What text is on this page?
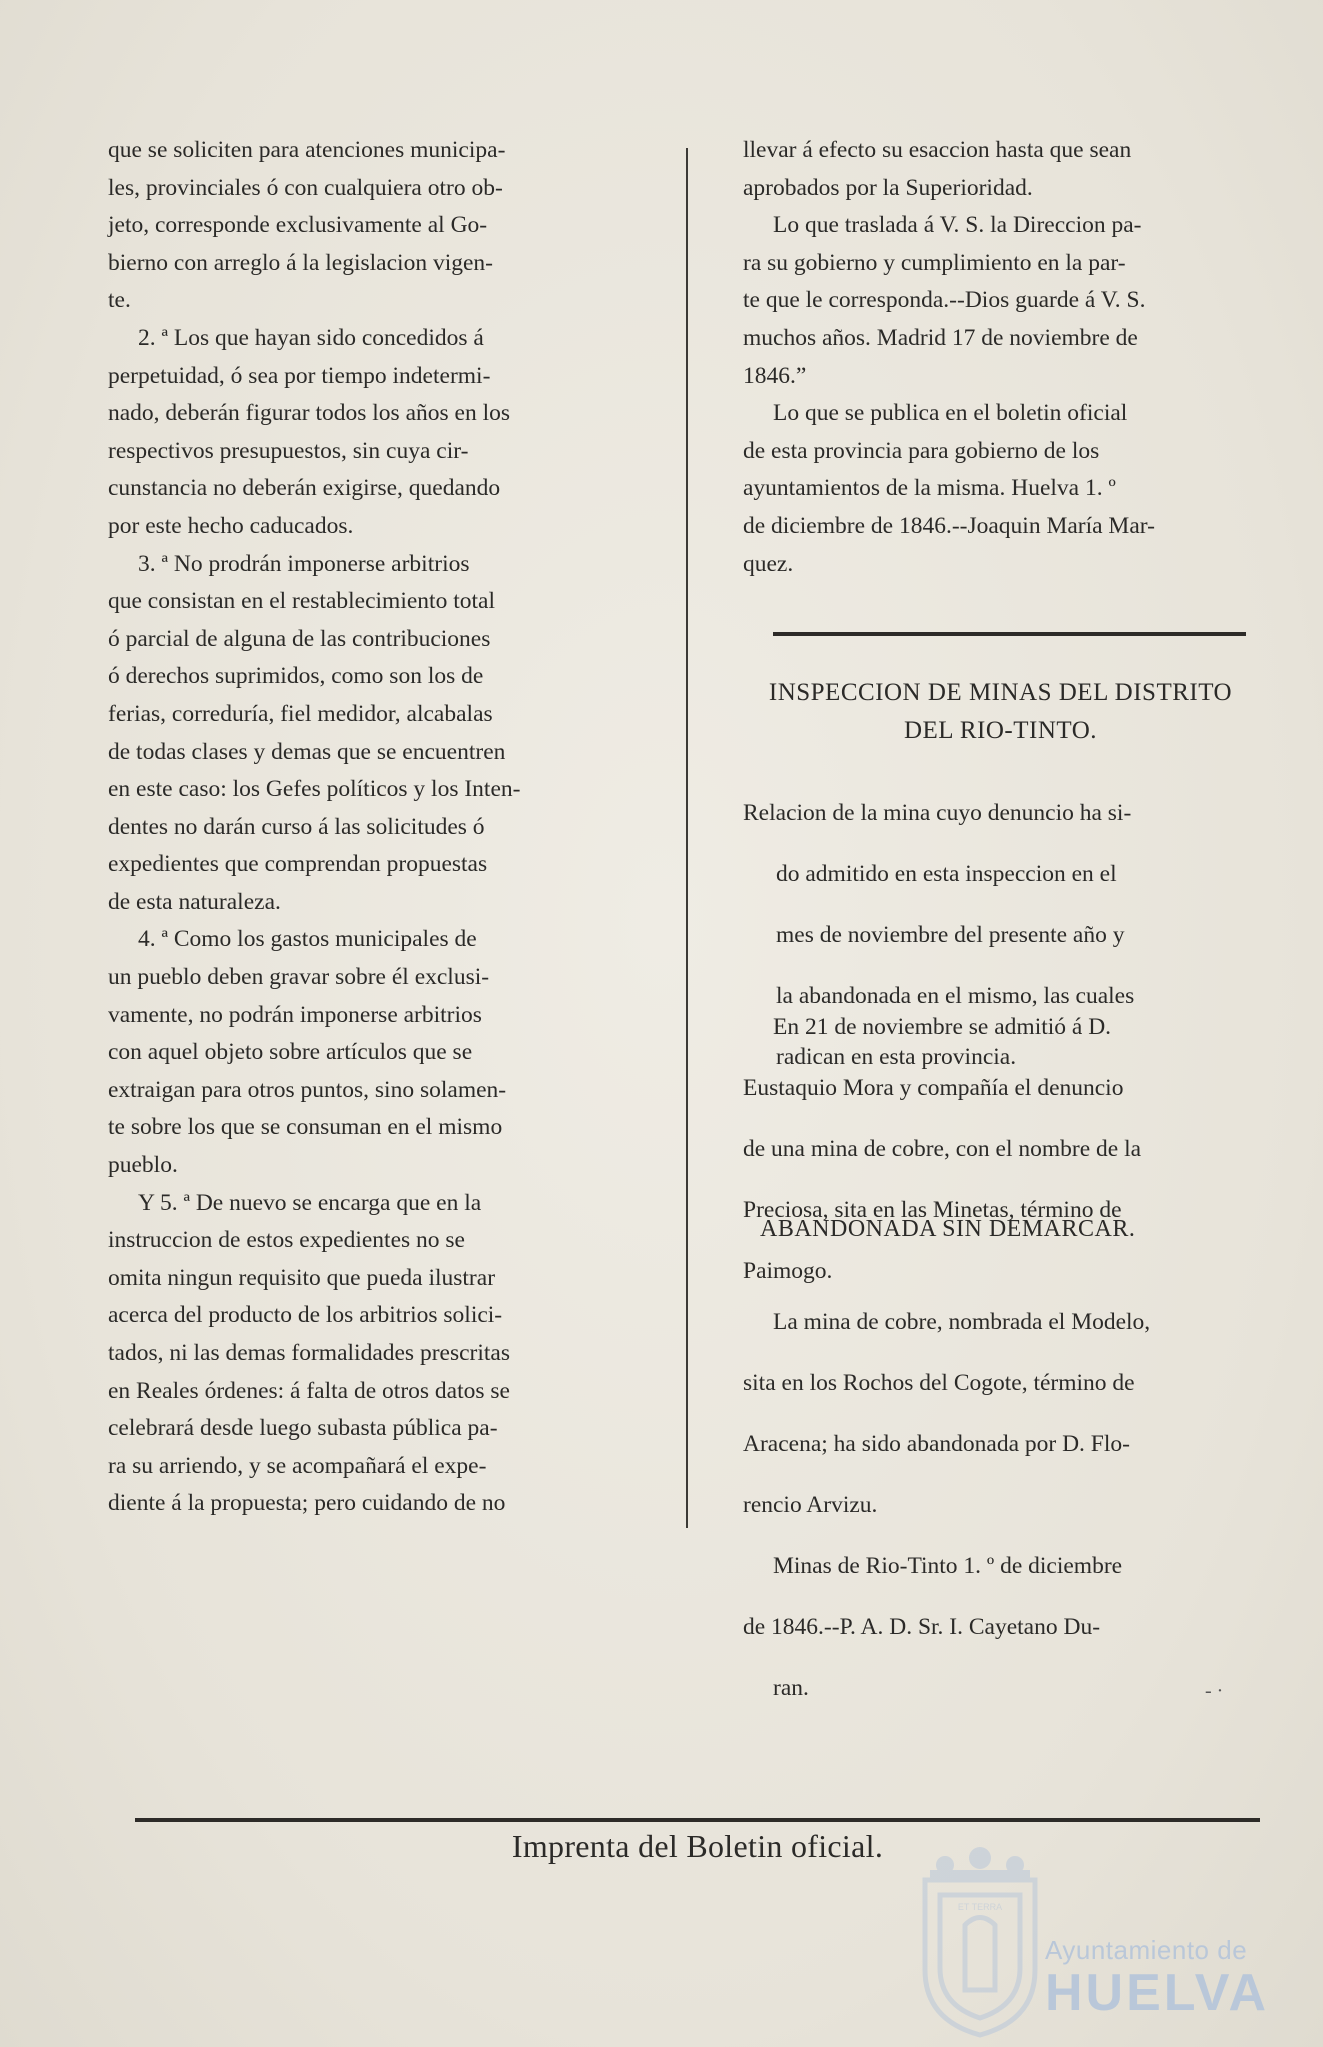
que se soliciten para atenciones municipa-

les, provinciales ó con cualquiera otro ob-

jeto, corresponde exclusivamente al Go-

bierno con arreglo á la legislacion vigen-

te.

2. ª Los que hayan sido concedidos á

perpetuidad, ó sea por tiempo indetermi-

nado, deberán figurar todos los años en los

respectivos presupuestos, sin cuya cir-

cunstancia no deberán exigirse, quedando

por este hecho caducados.

3. ª No prodrán imponerse arbitrios

que consistan en el restablecimiento total

ó parcial de alguna de las contribuciones

ó derechos suprimidos, como son los de

ferias, correduría, fiel medidor, alcabalas

de todas clases y demas que se encuentren

en este caso: los Gefes políticos y los Inten-

dentes no darán curso á las solicitudes ó

expedientes que comprendan propuestas

de esta naturaleza.

4. ª Como los gastos municipales de

un pueblo deben gravar sobre él exclusi-

vamente, no podrán imponerse arbitrios

con aquel objeto sobre artículos que se

extraigan para otros puntos, sino solamen-

te sobre los que se consuman en el mismo

pueblo.

Y 5. ª De nuevo se encarga que en la

instruccion de estos expedientes no se

omita ningun requisito que pueda ilustrar

acerca del producto de los arbitrios solici-

tados, ni las demas formalidades prescritas

en Reales órdenes: á falta de otros datos se

celebrará desde luego subasta pública pa-

ra su arriendo, y se acompañará el expe-

diente á la propuesta; pero cuidando de no

llevar á efecto su esaccion hasta que sean

aprobados por la Superioridad.

Lo que traslada á V. S. la Direccion pa-

ra su gobierno y cumplimiento en la par-

te que le corresponda.--Dios guarde á V. S.

muchos años. Madrid 17 de noviembre de

1846.”

Lo que se publica en el boletin oficial

de esta provincia para gobierno de los

ayuntamientos de la misma. Huelva 1. º

de diciembre de 1846.--Joaquin María Mar-

quez.

INSPECCION DE MINAS DEL DISTRITO
DEL RIO-TINTO.

Relacion de la mina cuyo denuncio ha si-

do admitido en esta inspeccion en el

mes de noviembre del presente año y

la abandonada en el mismo, las cuales

radican en esta provincia.

En 21 de noviembre se admitió á D.

Eustaquio Mora y compañía el denuncio

de una mina de cobre, con el nombre de la

Preciosa, sita en las Minetas, término de

Paimogo.

ABANDONADA SIN DEMARCAR.

La mina de cobre, nombrada el Modelo,

sita en los Rochos del Cogote, término de

Aracena; ha sido abandonada por D. Flo-

rencio Arvizu.

Minas de Rio-Tinto 1. º de diciembre

de 1846.--P. A. D. Sr. I. Cayetano Du-

ran.	- ·
Imprenta del Boletin oficial.
ET TERRA
Ayuntamiento de
HUELVA
